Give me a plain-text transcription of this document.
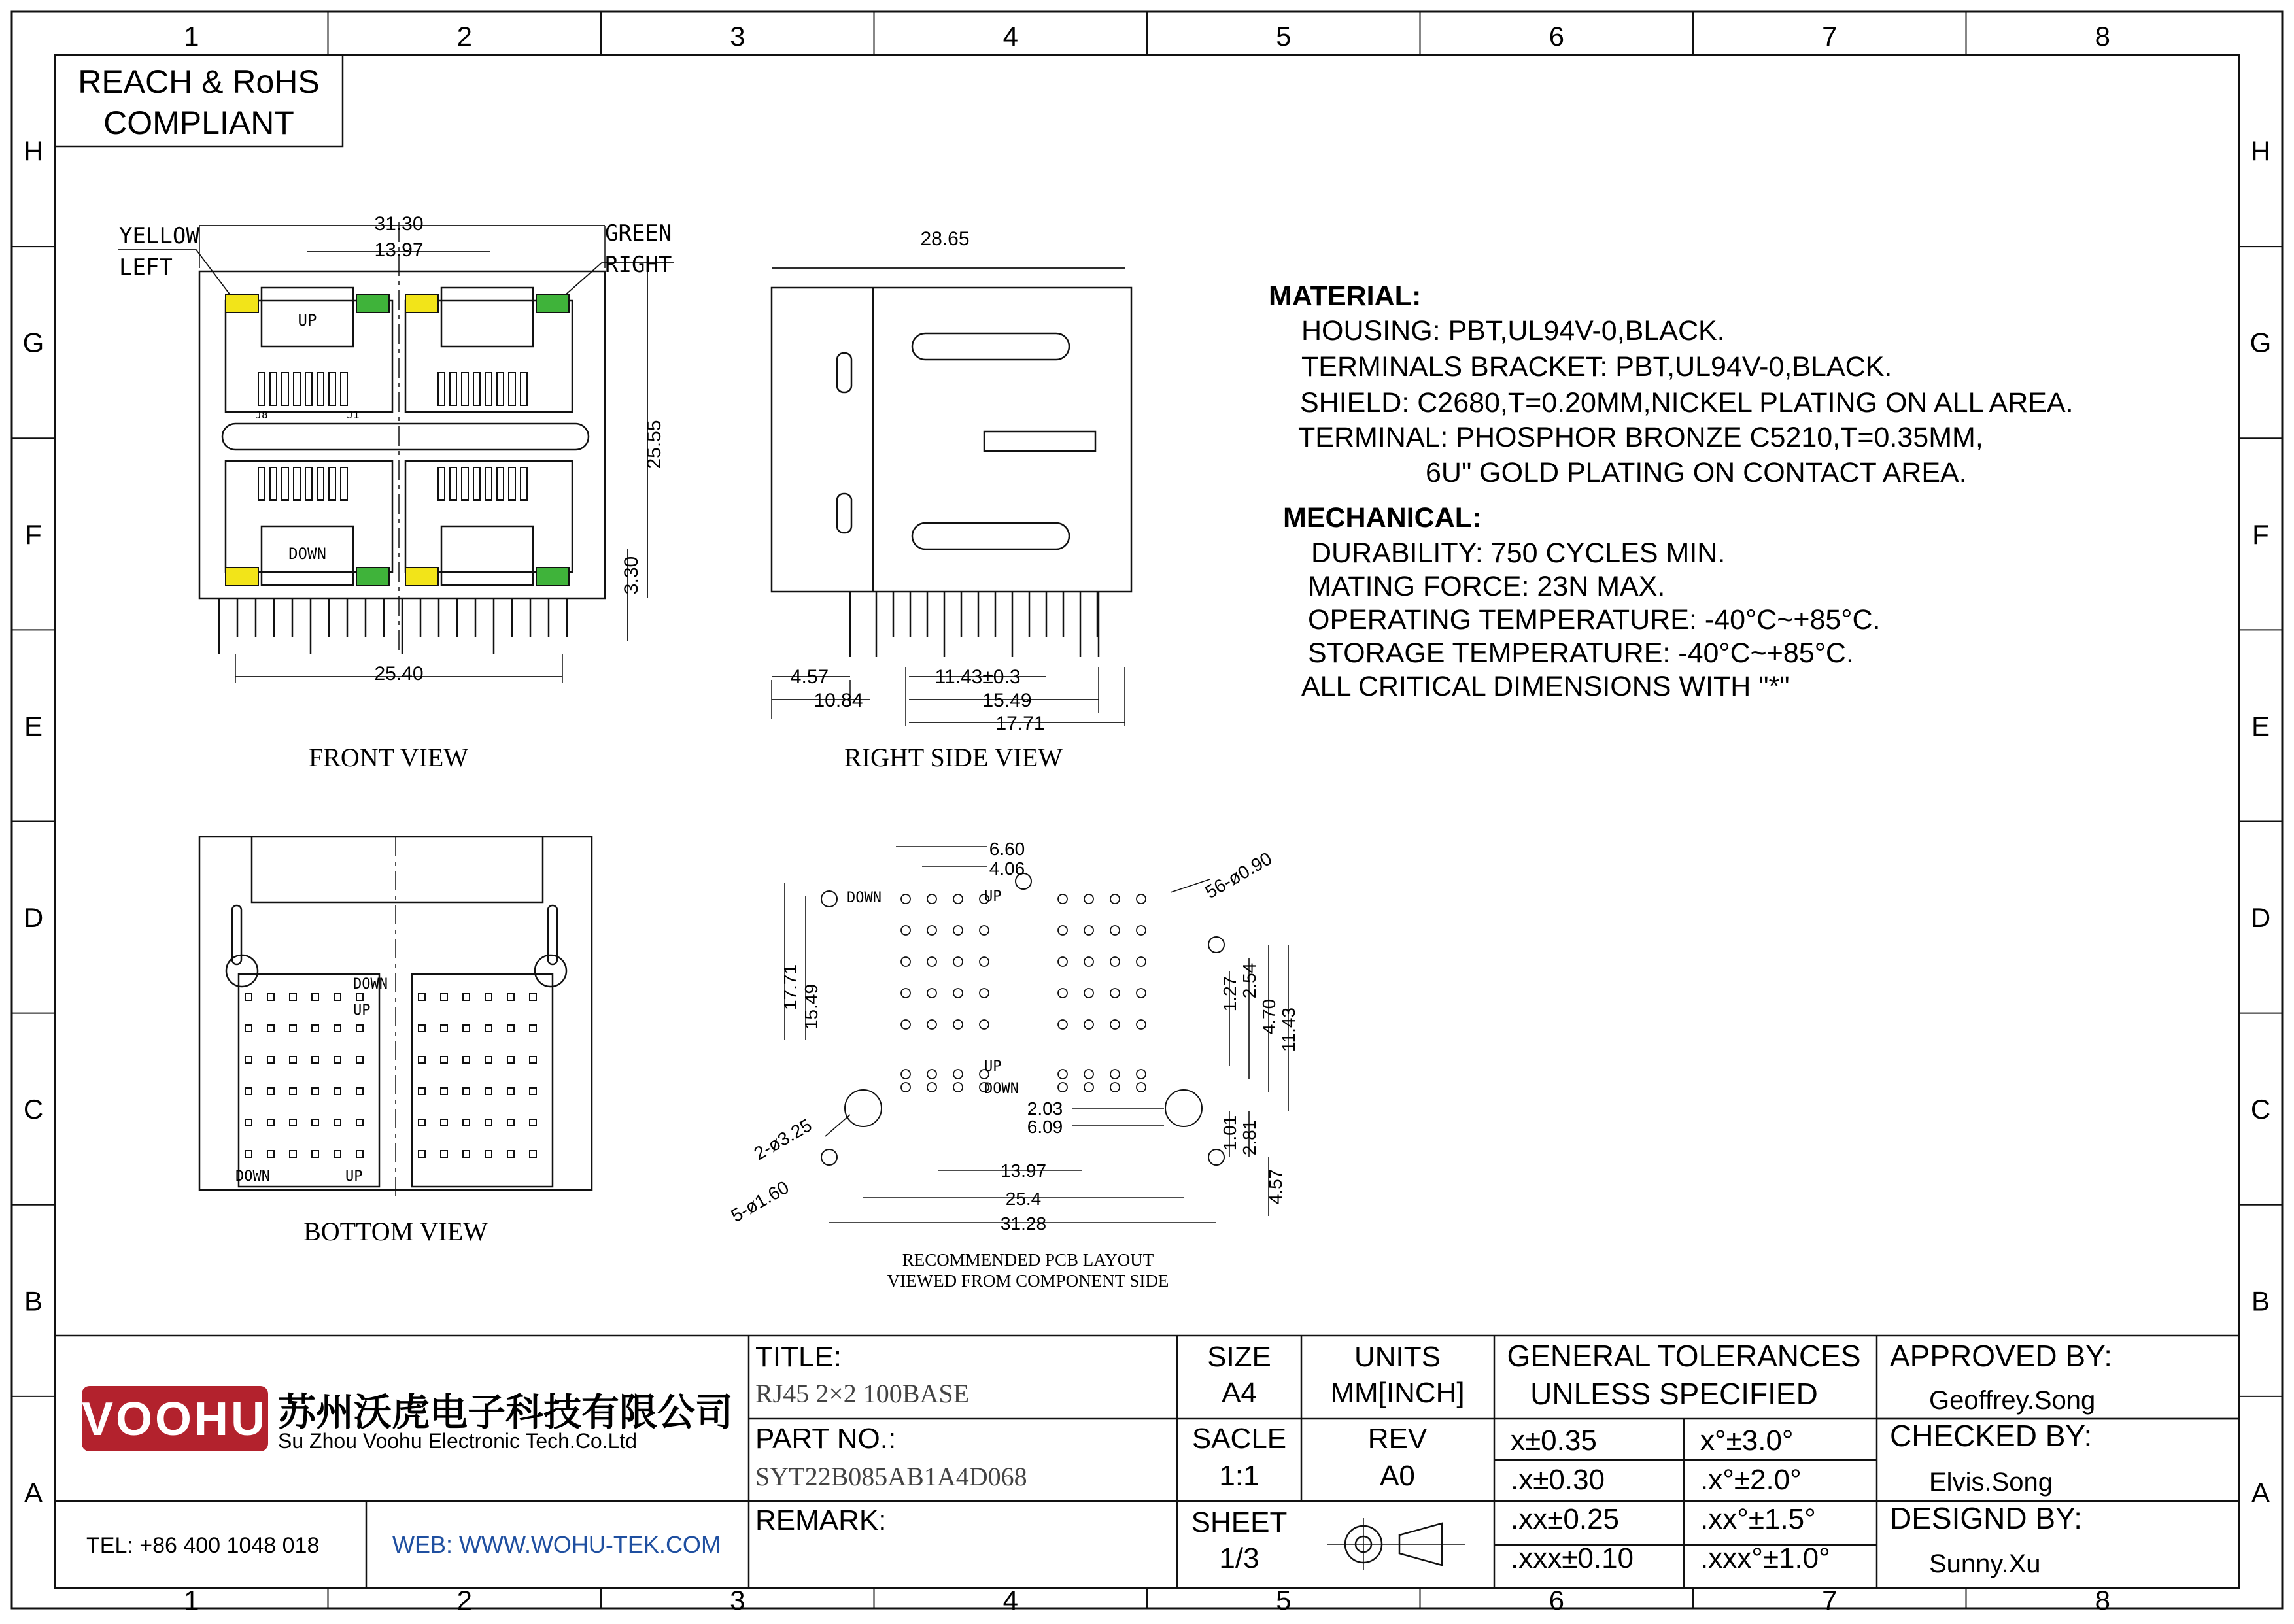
1
1
2
2
3
3
4
4
5
5
6
6
7
7
8
8
H	H
G	G
F	F
E	E
D	D
C	C
B	B
A	A
REACH & RoHS
COMPLIANT
YELLOW
LEFT
GREEN
RIGHT
31.30
13.97
25.55
3.30
25.40
UP
DOWN
J8	J1
FRONT VIEW
28.65
4.57	11.43±0.3
10.84	15.49
17.71
RIGHT SIDE VIEW
DOWN
UP
DOWN	UP
BOTTOM VIEW
DOWN	UP
UP
DOWN
6.60
4.06	56-ø0.90
17.71 15.49	1.27 2.54
4.70 11.43
2.03
6.09	1.01 2.81
4.57
13.97
25.4
31.28
2-ø3.25
5-ø1.60
RECOMMENDED PCB LAYOUT
VIEWED FROM COMPONENT SIDE
MATERIAL:
HOUSING: PBT,UL94V-0,BLACK.
TERMINALS BRACKET: PBT,UL94V-0,BLACK.
SHIELD: C2680,T=0.20MM,NICKEL PLATING ON ALL AREA.
TERMINAL: PHOSPHOR BRONZE C5210,T=0.35MM,
6U" GOLD PLATING ON CONTACT AREA.
MECHANICAL:
DURABILITY: 750 CYCLES MIN.
MATING FORCE: 23N MAX.
OPERATING TEMPERATURE: -40°C~+85°C.
STORAGE TEMPERATURE: -40°C~+85°C.
ALL CRITICAL DIMENSIONS WITH "*"
VOOHU 苏州沃虎电子科技有限公司
Su Zhou Voohu Electronic Tech.Co.Ltd
TEL: +86 400 1048 018	WEB: WWW.WOHU-TEK.COM
TITLE:
RJ45 2×2 100BASE
PART NO.:
SYT22B085AB1A4D068
REMARK:
SIZE
A4
UNITS
MM[INCH]
SACLE
1:1
REV
A0
SHEET
1/3
GENERAL TOLERANCES
UNLESS SPECIFIED
x±0.35	x°±3.0°
.x±0.30	.x°±2.0°
.xx±0.25	.xx°±1.5°
.xxx±0.10 .xxx°±1.0°
APPROVED BY:
Geoffrey.Song
CHECKED BY:
Elvis.Song
DESIGND BY:
Sunny.Xu
